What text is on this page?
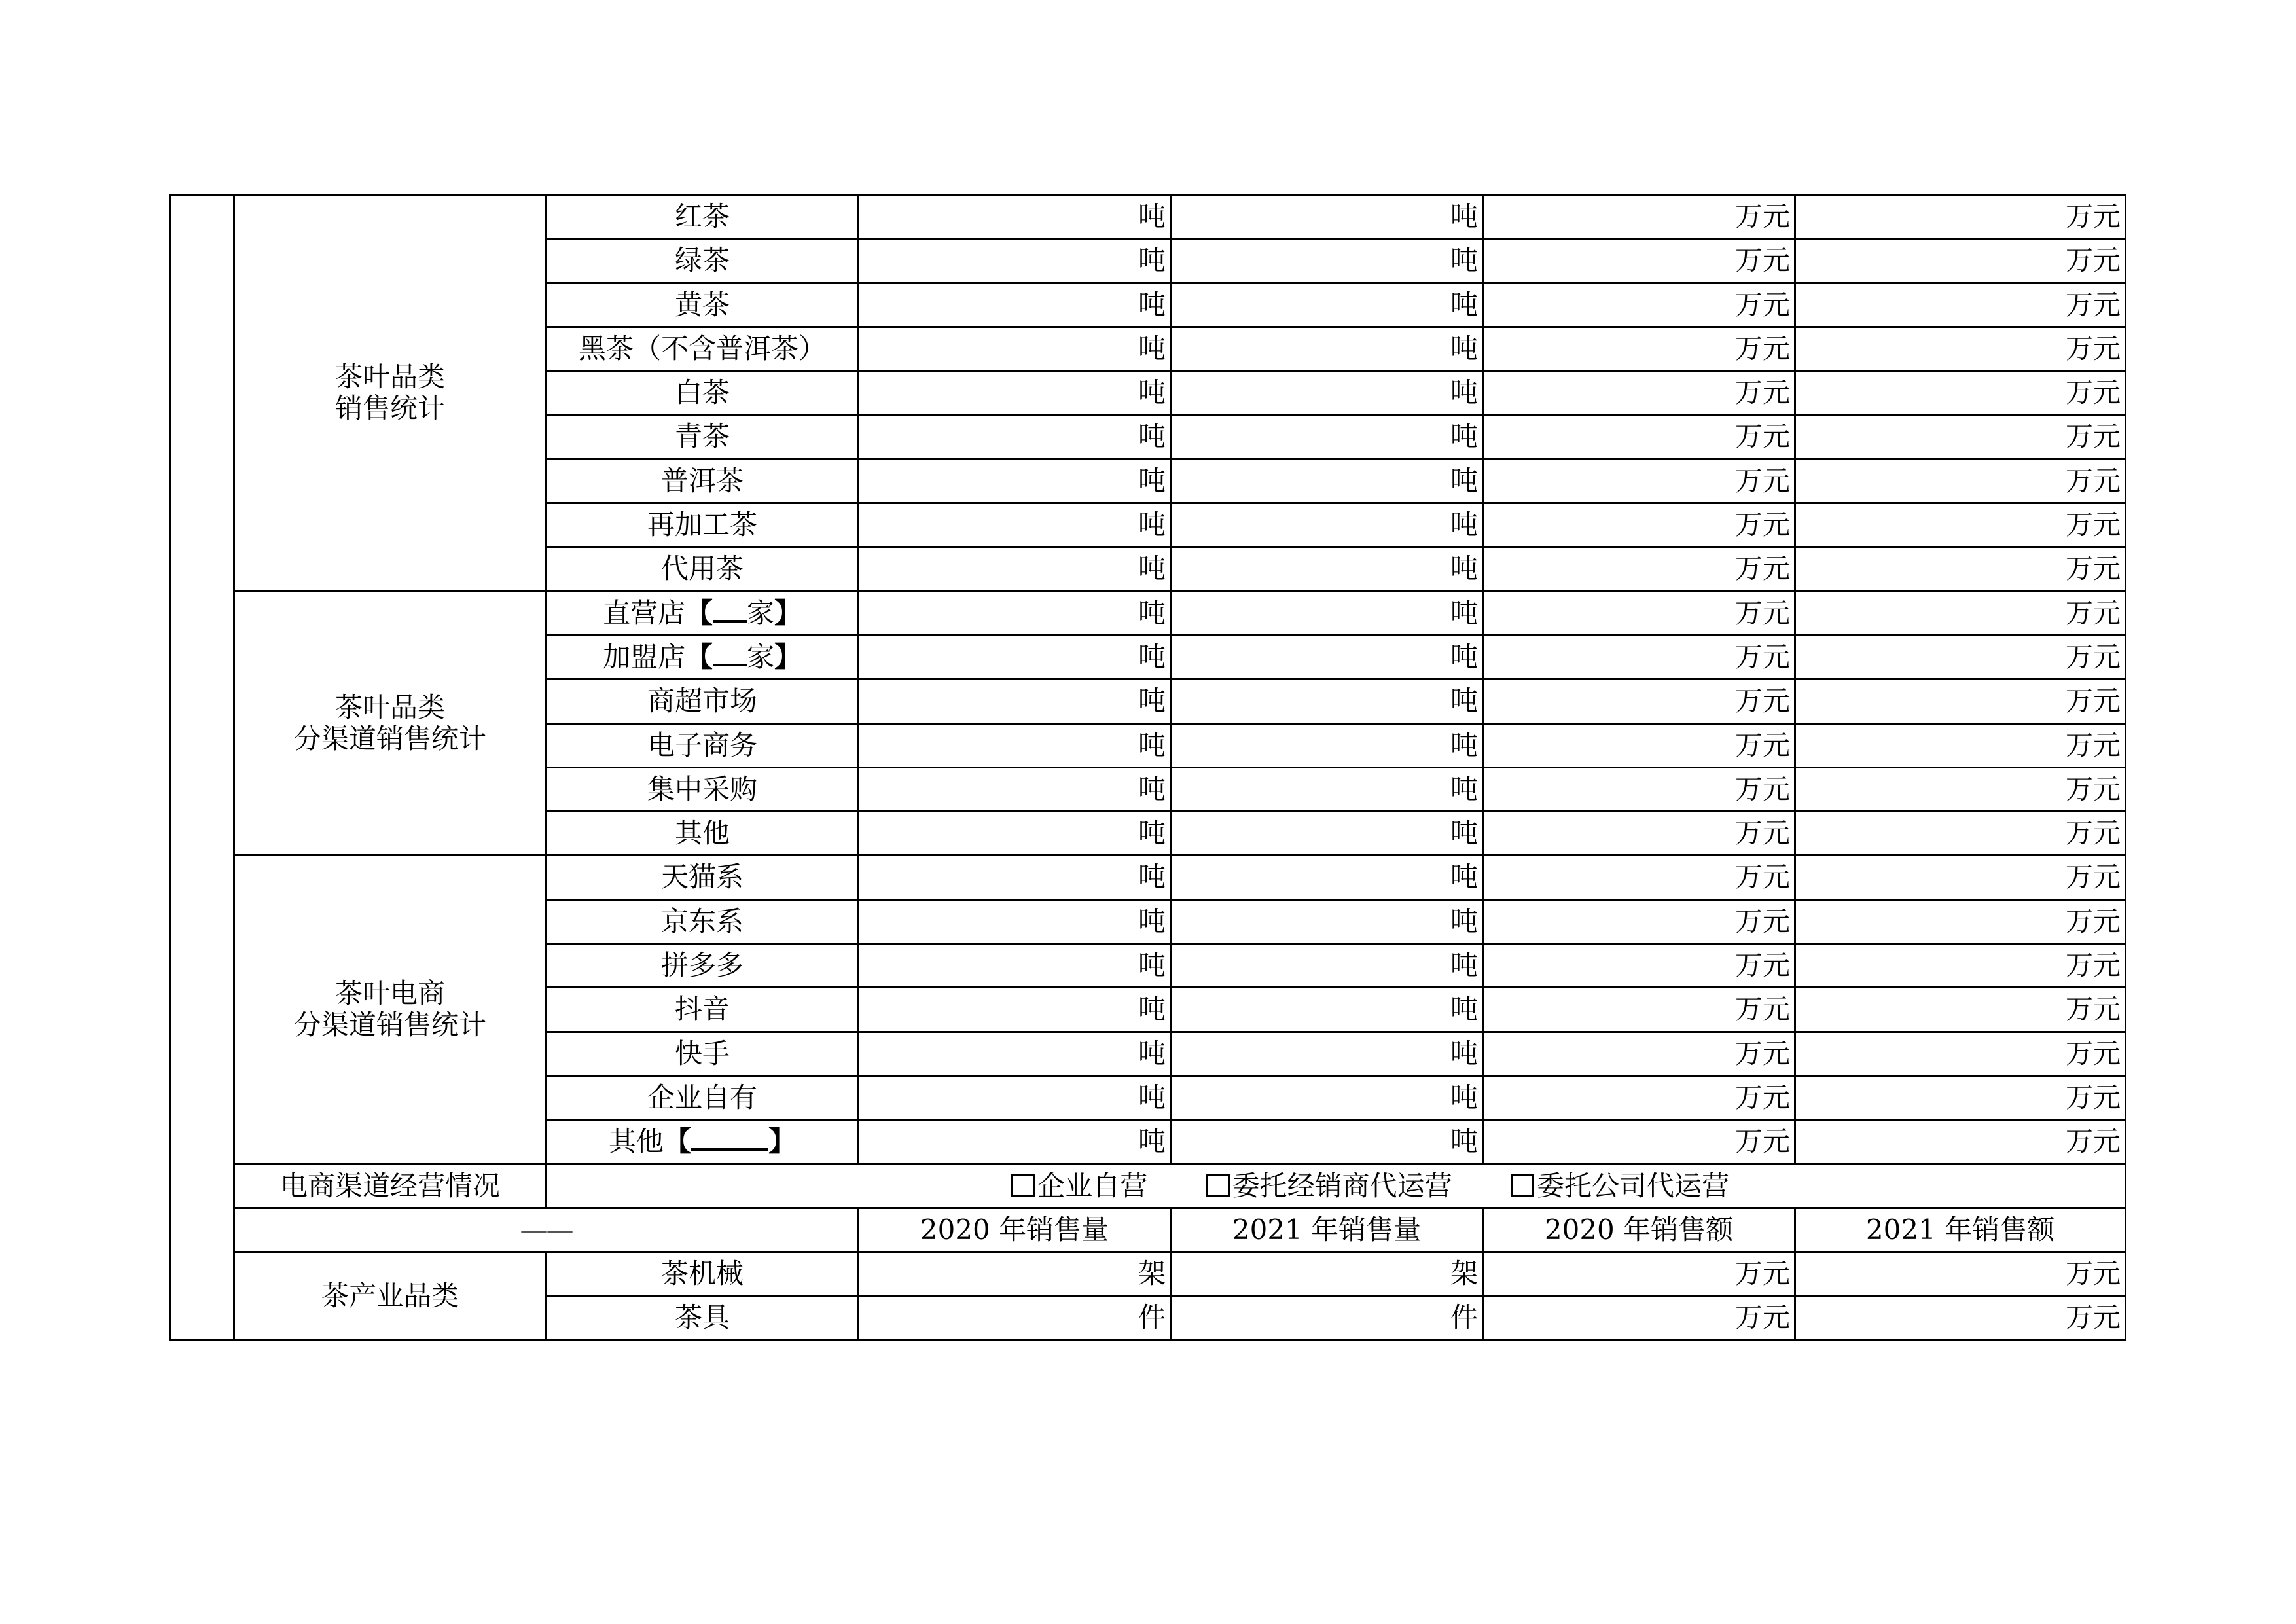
	茶叶品类
销售统计	红茶	吨	吨	万元	万元
		绿茶	吨	吨	万元	万元
		黄茶	吨	吨	万元	万元
		黑茶（不含普洱茶）	吨	吨	万元	万元
		白茶	吨	吨	万元	万元
		青茶	吨	吨	万元	万元
		普洱茶	吨	吨	万元	万元
		再加工茶	吨	吨	万元	万元
		代用茶	吨	吨	万元	万元

	茶叶品类
分渠道销售统计	直营店【 家】	吨	吨	万元	万元
		加盟店【 家】	吨	吨	万元	万元
		商超市场	吨	吨	万元	万元
		电子商务	吨	吨	万元	万元
		集中采购	吨	吨	万元	万元
		其他	吨	吨	万元	万元

	茶叶电商
分渠道销售统计	天猫系	吨	吨	万元	万元
		京东系	吨	吨	万元	万元
		拼多多	吨	吨	万元	万元
		抖音	吨	吨	万元	万元
		快手	吨	吨	万元	万元
		企业自有	吨	吨	万元	万元
		其他【 】	吨	吨	万元	万元
	电商渠道经营情况	企业自营 委托经销商代运营 委托公司代运营				
	——		2020 年销售量	2021 年销售量	2020 年销售额	2021 年销售额
	茶产业品类	茶机械	架	架	万元	万元
		茶具	件	件	万元	万元
